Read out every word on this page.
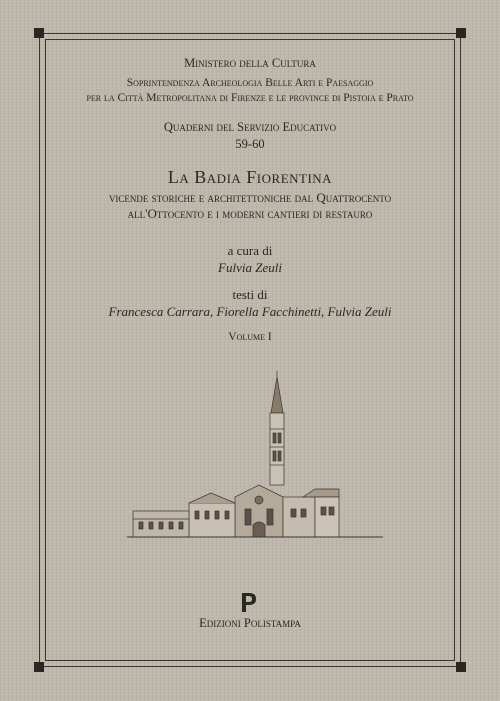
Ministero della Cultura
Soprintendenza Archeologia Belle Arti e Paesaggio
per la Città Metropolitana di Firenze e le province di Pistoia e Prato
Quaderni del Servizio Educativo
59-60
La Badia Fiorentina
vicende storiche e architettoniche dal Quattrocento
all'Ottocento e i moderni cantieri di restauro
a cura di
Fulvia Zeuli
testi di
Francesca Carrara, Fiorella Facchinetti, Fulvia Zeuli
Volume I
Edizioni Polistampa
